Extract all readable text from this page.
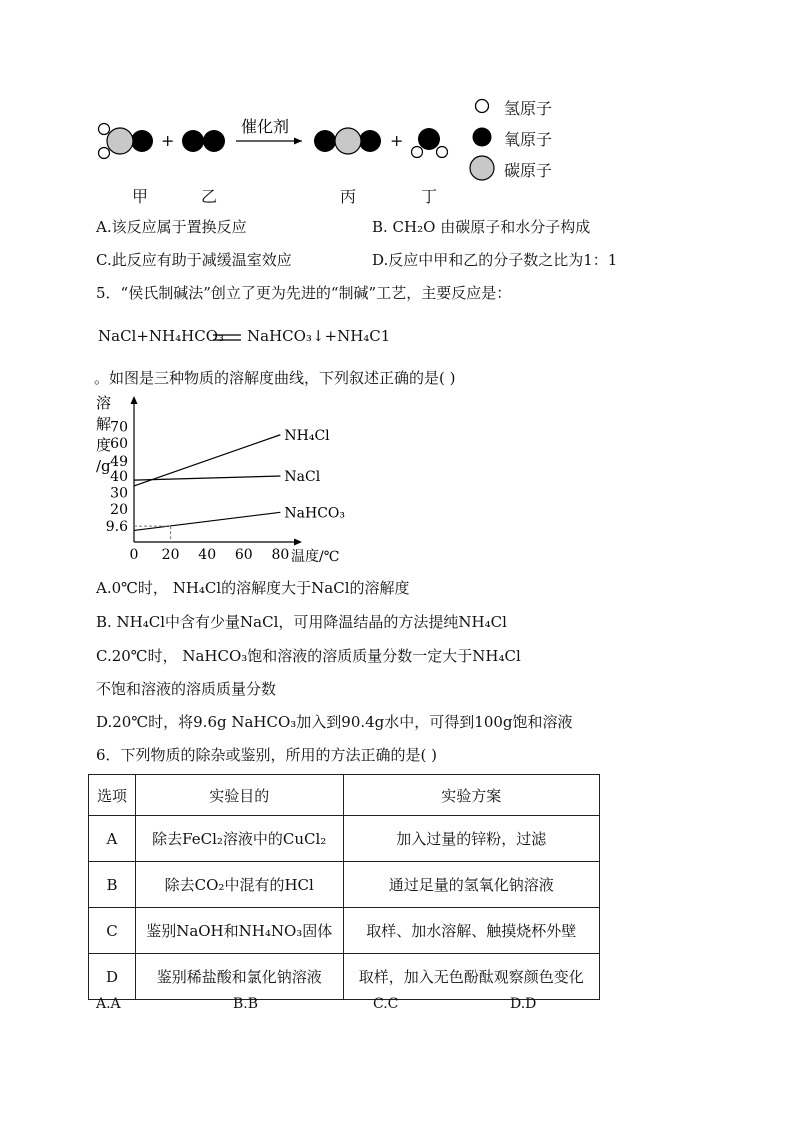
+
催化剂
+
氢原子
氧原子
碳原子
甲	乙	丙	丁
A.该反应属于置换反应	B. CH₂O 由碳原子和水分子构成
C.此反应有助于减缓温室效应	D.反应中甲和乙的分子数之比为1：1
5．“侯氏制碱法”创立了更为先进的“制碱”工艺，主要反应是：
NaCl+NH₄HCO₃ NaHCO₃↓+NH₄C1
。如图是三种物质的溶解度曲线，下列叙述正确的是( )
溶
解
度
/g
70
60
49
40
30
20
9.6
0 20 40 60 80 温度/℃
NH₄Cl
NaCl
NaHCO₃
A.0℃时， NH₄Cl的溶解度大于NaCl的溶解度
B. NH₄Cl中含有少量NaCl，可用降温结晶的方法提纯NH₄Cl
C.20℃时， NaHCO₃饱和溶液的溶质质量分数一定大于NH₄Cl
不饱和溶液的溶质质量分数
D.20℃时，将9.6g NaHCO₃加入到90.4g水中，可得到100g饱和溶液
6．下列物质的除杂或鉴别，所用的方法正确的是( )
选项	实验目的	实验方案
A	除去FeCl₂溶液中的CuCl₂	加入过量的锌粉，过滤
B	除去CO₂中混有的HCl	通过足量的氢氧化钠溶液
C	鉴别NaOH和NH₄NO₃固体	取样、加水溶解、触摸烧杯外壁
D	鉴别稀盐酸和氯化钠溶液	取样，加入无色酚酞观察颜色变化
A.A	B.B	C.C	D.D
